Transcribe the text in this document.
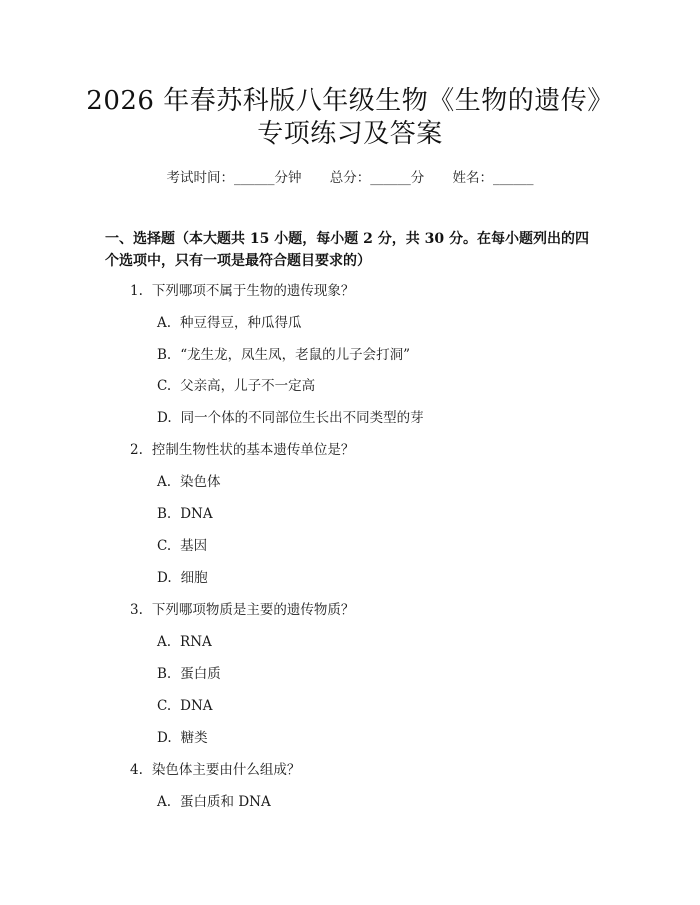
2026 年春苏科版八年级生物《生物的遗传》
专项练习及答案
考试时间：______分钟 总分：______分 姓名：______
一、选择题（本大题共 15 小题，每小题 2 分，共 30 分。在每小题列出的四个选项中，只有一项是最符合题目要求的）
1. 下列哪项不属于生物的遗传现象？
A. 种豆得豆，种瓜得瓜
B. “龙生龙，凤生凤，老鼠的儿子会打洞”
C. 父亲高，儿子不一定高
D. 同一个体的不同部位生长出不同类型的芽
2. 控制生物性状的基本遗传单位是？
A. 染色体
B. DNA
C. 基因
D. 细胞
3. 下列哪项物质是主要的遗传物质？
A. RNA
B. 蛋白质
C. DNA
D. 糖类
4. 染色体主要由什么组成？
A. 蛋白质和 DNA
